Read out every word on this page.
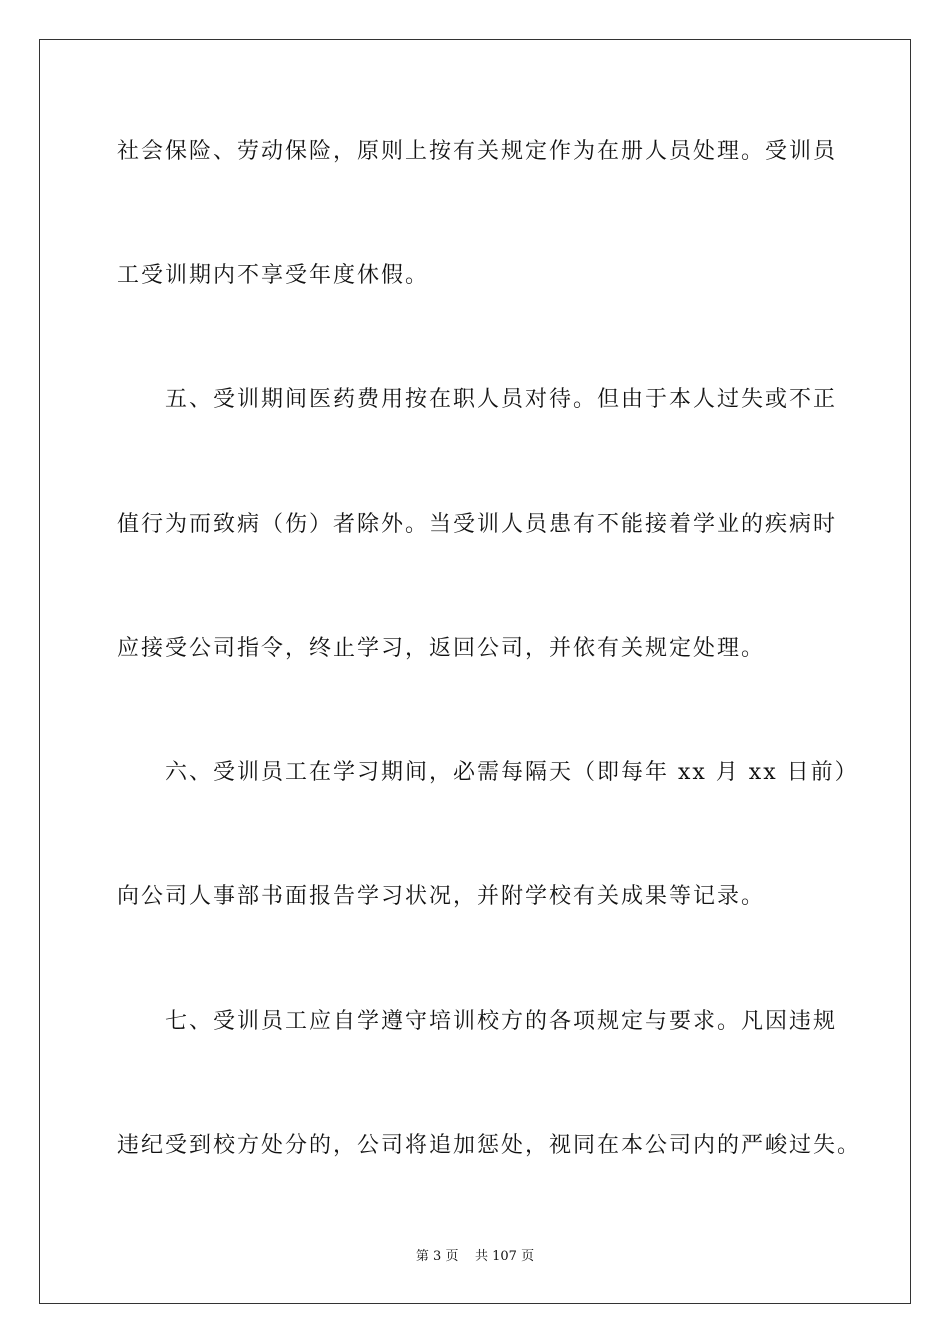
社会保险、劳动保险，原则上按有关规定作为在册人员处理。受训员
工受训期内不享受年度休假。
五、受训期间医药费用按在职人员对待。但由于本人过失或不正
值行为而致病（伤）者除外。当受训人员患有不能接着学业的疾病时
应接受公司指令，终止学习，返回公司，并依有关规定处理。
六、受训员工在学习期间，必需每隔天（即每年 xx 月 xx 日前）
向公司人事部书面报告学习状况，并附学校有关成果等记录。
七、受训员工应自学遵守培训校方的各项规定与要求。凡因违规
违纪受到校方处分的，公司将追加惩处，视同在本公司内的严峻过失。
第 3 页 共 107 页
